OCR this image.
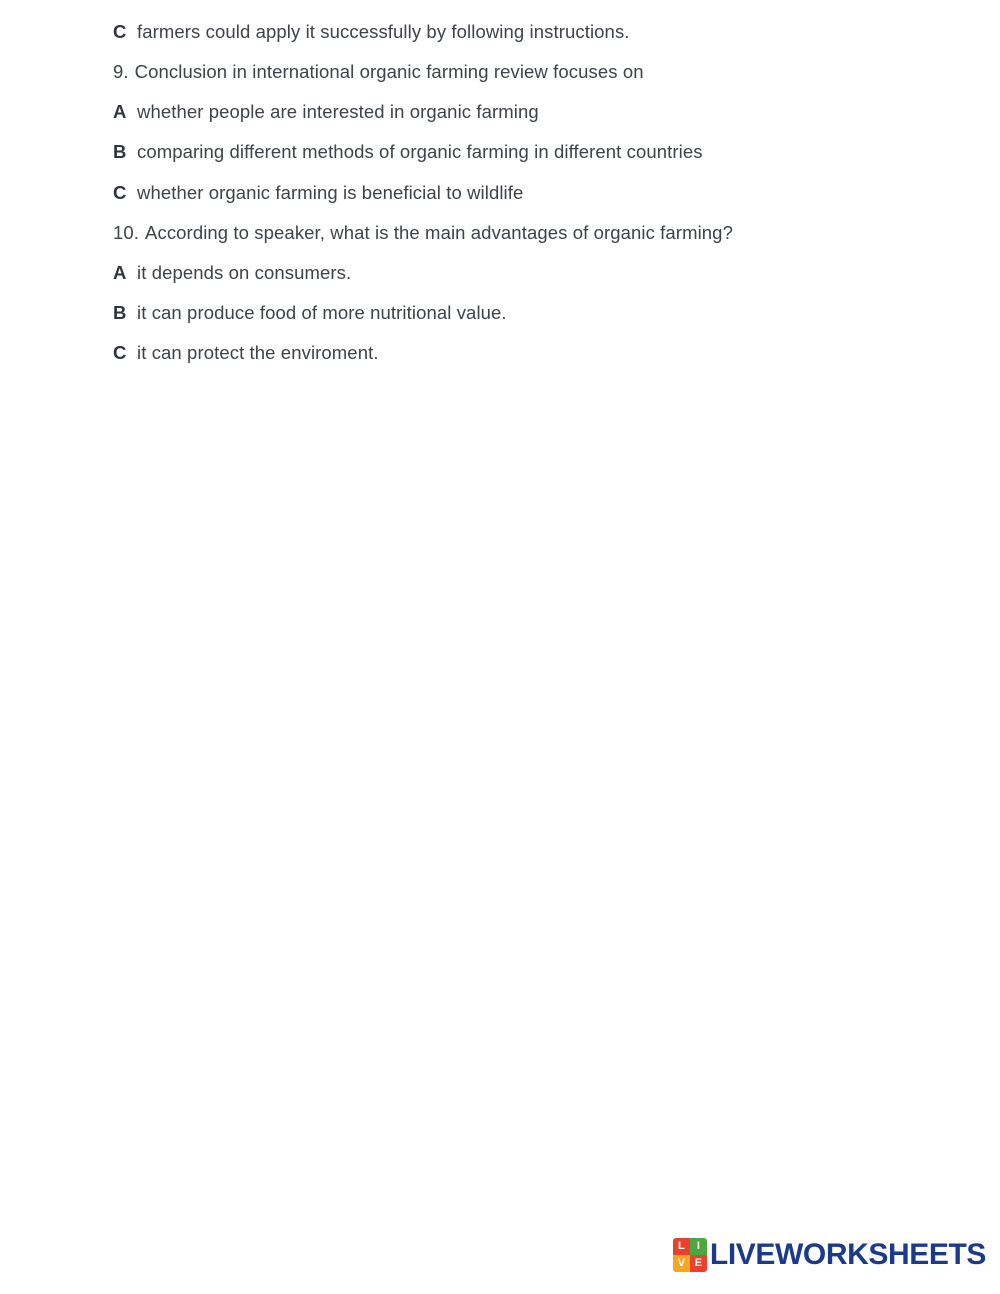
C farmers could apply it successfully by following instructions.
9. Conclusion in international organic farming review focuses on
A whether people are interested in organic farming
B comparing different methods of organic farming in different countries
C whether organic farming is beneficial to wildlife
10. According to speaker, what is the main advantages of organic farming?
A it depends on consumers.
B it can produce food of more nutritional value.
C it can protect the enviroment.
L	I
V E LIVEWORKSHEETS
